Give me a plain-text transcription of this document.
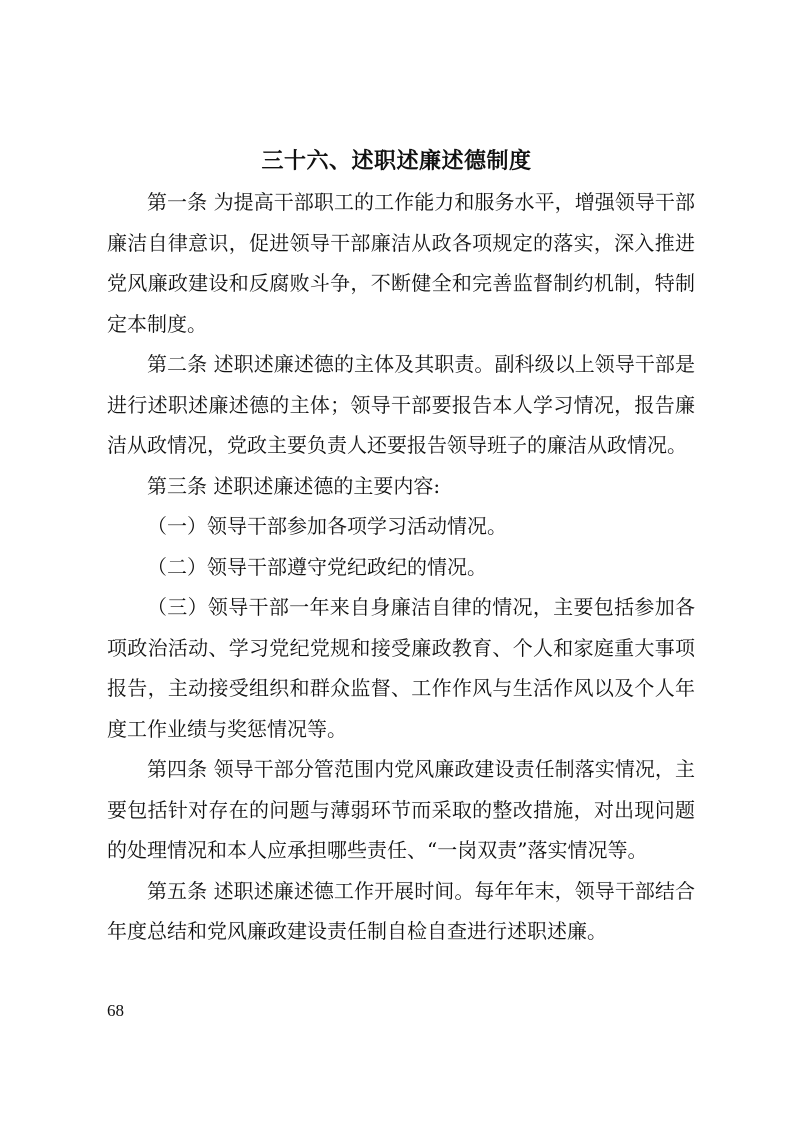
三十六、述职述廉述德制度

第一条 为提高干部职工的工作能力和服务水平，增强领导干部廉洁自律意识，促进领导干部廉洁从政各项规定的落实，深入推进党风廉政建设和反腐败斗争，不断健全和完善监督制约机制，特制定本制度。

第二条 述职述廉述德的主体及其职责。副科级以上领导干部是进行述职述廉述德的主体；领导干部要报告本人学习情况，报告廉洁从政情况，党政主要负责人还要报告领导班子的廉洁从政情况。

第三条 述职述廉述德的主要内容:

（一）领导干部参加各项学习活动情况。

（二）领导干部遵守党纪政纪的情况。

（三）领导干部一年来自身廉洁自律的情况，主要包括参加各项政治活动、学习党纪党规和接受廉政教育、个人和家庭重大事项报告，主动接受组织和群众监督、工作作风与生活作风以及个人年度工作业绩与奖惩情况等。

第四条 领导干部分管范围内党风廉政建设责任制落实情况，主要包括针对存在的问题与薄弱环节而采取的整改措施，对出现问题的处理情况和本人应承担哪些责任、“一岗双责”落实情况等。

第五条 述职述廉述德工作开展时间。每年年末，领导干部结合年度总结和党风廉政建设责任制自检自查进行述职述廉。

68
